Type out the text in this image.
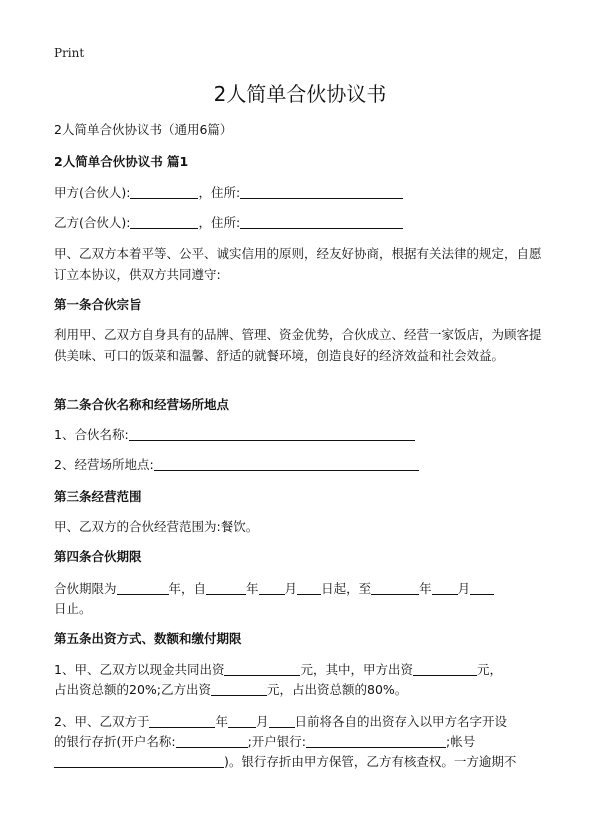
Print
2人简单合伙协议书
2人简单合伙协议书（通用6篇）
2人简单合伙协议书 篇1
甲方(合伙人):	，住所:
乙方(合伙人):	，住所:
甲、乙双方本着平等、公平、诚实信用的原则，经友好协商，根据有关法律的规定，自愿订立本协议，供双方共同遵守:
第一条合伙宗旨
利用甲、乙双方自身具有的品牌、管理、资金优势，合伙成立、经营一家饭店，为顾客提供美味、可口的饭菜和温馨、舒适的就餐环境，创造良好的经济效益和社会效益。
第二条合伙名称和经营场所地点
1、合伙名称:
2、经营场所地点:
第三条经营范围
甲、乙双方的合伙经营范围为:餐饮。
第四条合伙期限
合伙期限为	年，自	年 月 日起，至	年 月
日止。
第五条出资方式、数额和缴付期限
1、甲、乙双方以现金共同出资	元，其中，甲方出资	元，
占出资总额的20%;乙方出资	元，占出资总额的80%。
2、甲、乙双方于	年 月 日前将各自的出资存入以甲方名字开设
的银行存折(开户名称:	;开户银行:	;帐号
)。银行存折由甲方保管，乙方有核查权。一方逾期不
